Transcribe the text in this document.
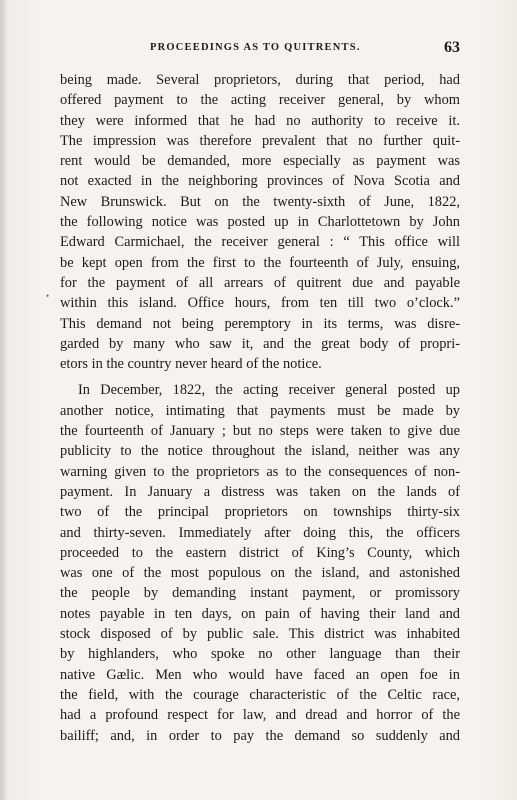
PROCEEDINGS AS TO QUITRENTS.	63
•
being made. Several proprietors, during that period, had
offered payment to the acting receiver general, by whom
they were informed that he had no authority to receive it.
The impression was therefore prevalent that no further quit-
rent would be demanded, more especially as payment was
not exacted in the neighboring provinces of Nova Scotia and
New Brunswick. But on the twenty-sixth of June, 1822,
the following notice was posted up in Charlottetown by John
Edward Carmichael, the receiver general : “ This office will
be kept open from the first to the fourteenth of July, ensuing,
for the payment of all arrears of quitrent due and payable
within this island. Office hours, from ten till two o’clock.”
This demand not being peremptory in its terms, was disre-
garded by many who saw it, and the great body of propri-
etors in the country never heard of the notice.
In December, 1822, the acting receiver general posted up
another notice, intimating that payments must be made by
the fourteenth of January ; but no steps were taken to give due
publicity to the notice throughout the island, neither was any
warning given to the proprietors as to the consequences of non-
payment. In January a distress was taken on the lands of
two of the principal proprietors on townships thirty-six
and thirty-seven. Immediately after doing this, the officers
proceeded to the eastern district of King’s County, which
was one of the most populous on the island, and astonished
the people by demanding instant payment, or promissory
notes payable in ten days, on pain of having their land and
stock disposed of by public sale. This district was inhabited
by highlanders, who spoke no other language than their
native Gælic. Men who would have faced an open foe in
the field, with the courage characteristic of the Celtic race,
had a profound respect for law, and dread and horror of the
bailiff; and, in order to pay the demand so suddenly and
